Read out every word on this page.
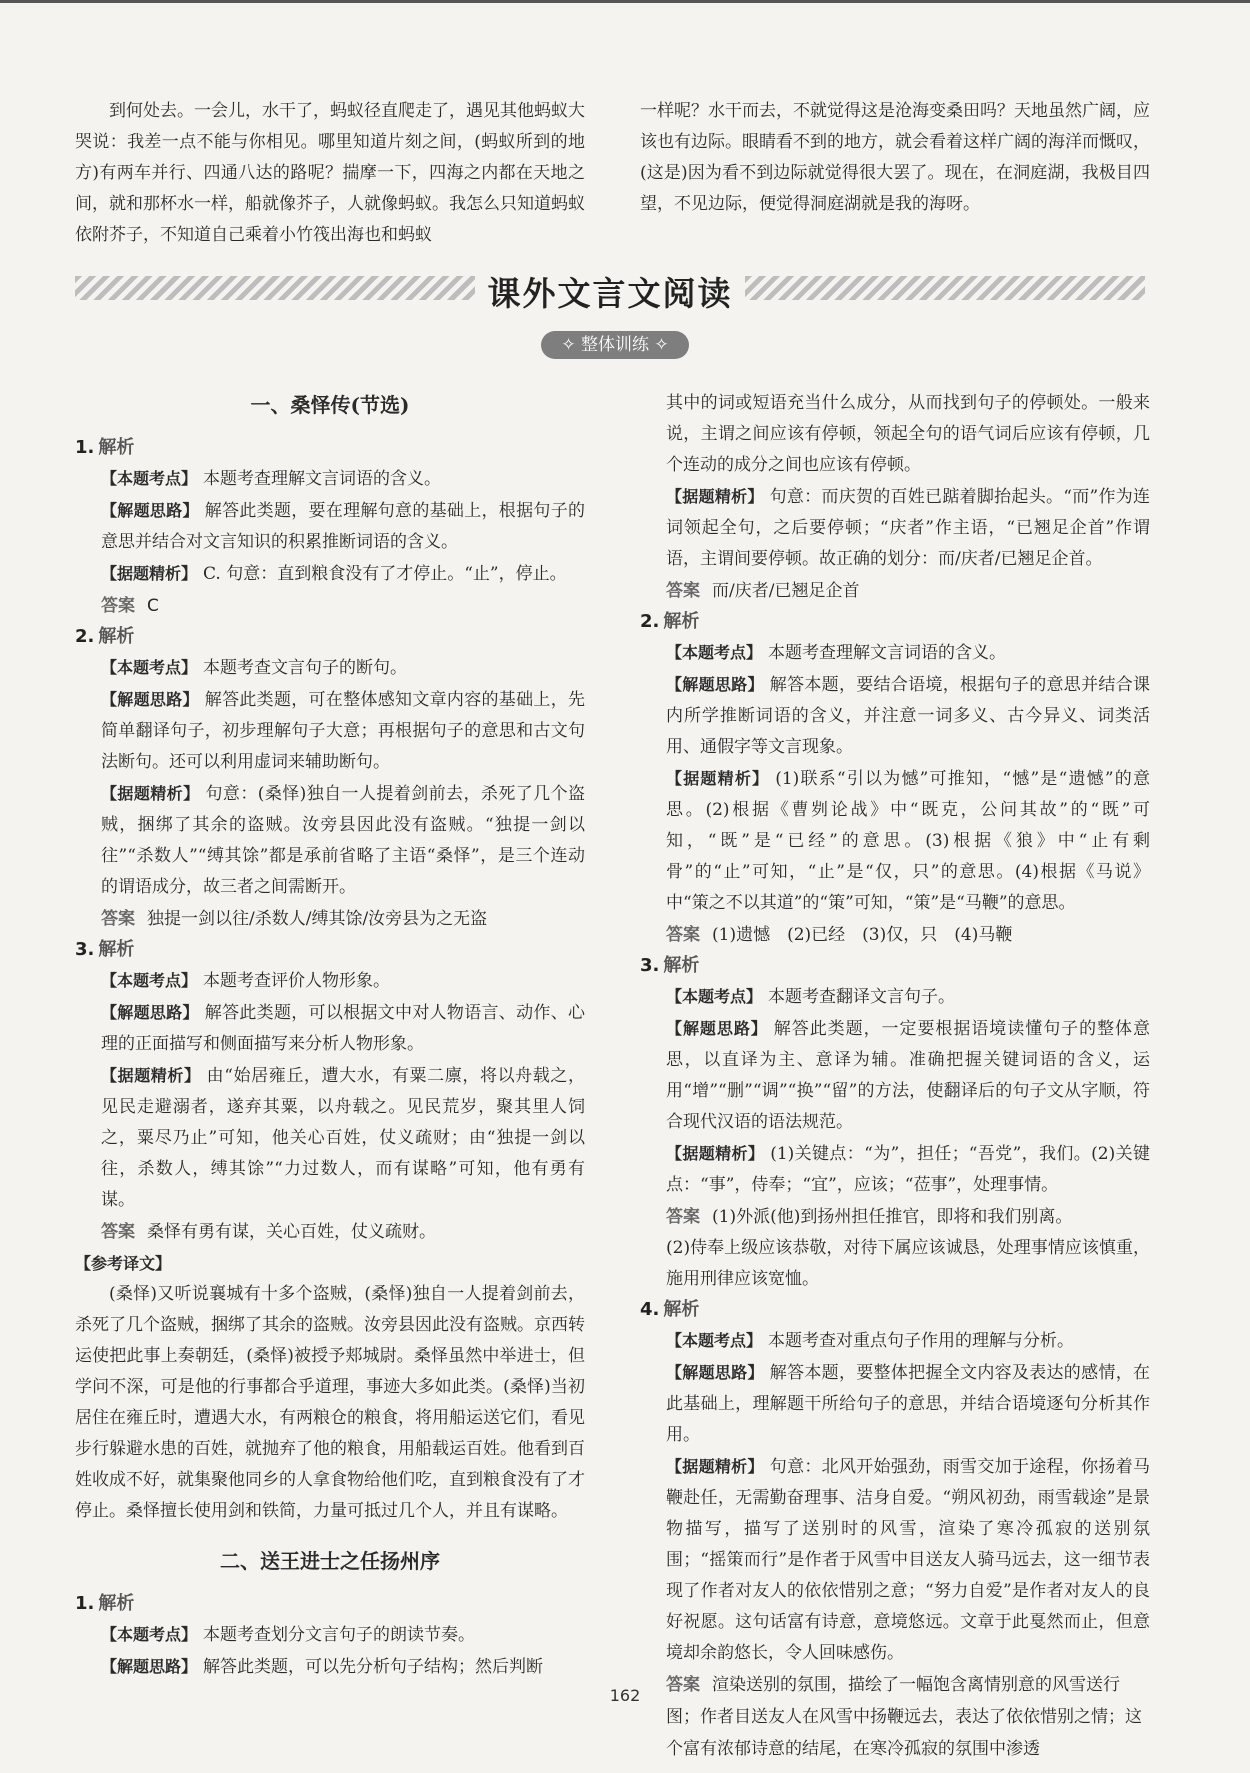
到何处去。一会儿，水干了，蚂蚁径直爬走了，遇见其他蚂蚁大哭说：我差一点不能与你相见。哪里知道片刻之间，(蚂蚁所到的地方)有两车并行、四通八达的路呢？揣摩一下，四海之内都在天地之间，就和那杯水一样，船就像芥子，人就像蚂蚁。我怎么只知道蚂蚁依附芥子，不知道自己乘着小竹筏出海也和蚂蚁
一样呢？水干而去，不就觉得这是沧海变桑田吗？天地虽然广阔，应该也有边际。眼睛看不到的地方，就会看着这样广阔的海洋而慨叹，(这是)因为看不到边际就觉得很大罢了。现在，在洞庭湖，我极目四望，不见边际，便觉得洞庭湖就是我的海呀。
课外文言文阅读
✧ 整体训练 ✧
一、桑怿传(节选)
1. 解析

【本题考点】 本题考查理解文言词语的含义。

【解题思路】 解答此类题，要在理解句意的基础上，根据句子的意思并结合对文言知识的积累推断词语的含义。

【据题精析】 C. 句意：直到粮食没有了才停止。“止”，停止。

答案 C

2. 解析

【本题考点】 本题考查文言句子的断句。

【解题思路】 解答此类题，可在整体感知文章内容的基础上，先简单翻译句子，初步理解句子大意；再根据句子的意思和古文句法断句。还可以利用虚词来辅助断句。

【据题精析】 句意：(桑怿)独自一人提着剑前去，杀死了几个盗贼，捆绑了其余的盗贼。汝旁县因此没有盗贼。“独提一剑以往”“杀数人”“缚其馀”都是承前省略了主语“桑怿”，是三个连动的谓语成分，故三者之间需断开。

答案 独提一剑以往/杀数人/缚其馀/汝旁县为之无盗

3. 解析

【本题考点】 本题考查评价人物形象。

【解题思路】 解答此类题，可以根据文中对人物语言、动作、心理的正面描写和侧面描写来分析人物形象。

【据题精析】 由“始居雍丘，遭大水，有粟二廪，将以舟载之，见民走避溺者，遂弃其粟，以舟载之。见民荒岁，聚其里人饲之，粟尽乃止”可知，他关心百姓，仗义疏财；由“独提一剑以往，杀数人，缚其馀”“力过数人，而有谋略”可知，他有勇有谋。

答案 桑怿有勇有谋，关心百姓，仗义疏财。

【参考译文】

(桑怿)又听说襄城有十多个盗贼，(桑怿)独自一人提着剑前去，杀死了几个盗贼，捆绑了其余的盗贼。汝旁县因此没有盗贼。京西转运使把此事上奏朝廷，(桑怿)被授予郏城尉。桑怿虽然中举进士，但学问不深，可是他的行事都合乎道理，事迹大多如此类。(桑怿)当初居住在雍丘时，遭遇大水，有两粮仓的粮食，将用船运送它们，看见步行躲避水患的百姓，就抛弃了他的粮食，用船载运百姓。他看到百姓收成不好，就集聚他同乡的人拿食物给他们吃，直到粮食没有了才停止。桑怿擅长使用剑和铁简，力量可抵过几个人，并且有谋略。

二、送王进士之任扬州序
1. 解析

【本题考点】 本题考查划分文言句子的朗读节奏。

【解题思路】 解答此类题，可以先分析句子结构；然后判断

其中的词或短语充当什么成分，从而找到句子的停顿处。一般来说，主谓之间应该有停顿，领起全句的语气词后应该有停顿，几个连动的成分之间也应该有停顿。

【据题精析】 句意：而庆贺的百姓已踮着脚抬起头。“而”作为连词领起全句，之后要停顿；“庆者”作主语，“已翘足企首”作谓语，主谓间要停顿。故正确的划分：而/庆者/已翘足企首。

答案 而/庆者/已翘足企首

2. 解析

【本题考点】 本题考查理解文言词语的含义。

【解题思路】 解答本题，要结合语境，根据句子的意思并结合课内所学推断词语的含义，并注意一词多义、古今异义、词类活用、通假字等文言现象。

【据题精析】 (1)联系“引以为憾”可推知，“憾”是“遗憾”的意思。(2)根据《曹刿论战》中“既克，公问其故”的“既”可知，“既”是“已经”的意思。(3)根据《狼》中“止有剩骨”的“止”可知，“止”是“仅，只”的意思。(4)根据《马说》中“策之不以其道”的“策”可知，“策”是“马鞭”的意思。

答案 (1)遗憾　(2)已经　(3)仅，只　(4)马鞭

3. 解析

【本题考点】 本题考查翻译文言句子。

【解题思路】 解答此类题，一定要根据语境读懂句子的整体意思，以直译为主、意译为辅。准确把握关键词语的含义，运用“增”“删”“调”“换”“留”的方法，使翻译后的句子文从字顺，符合现代汉语的语法规范。

【据题精析】 (1)关键点：“为”，担任；“吾党”，我们。(2)关键点：“事”，侍奉；“宜”，应该；“莅事”，处理事情。

答案 (1)外派(他)到扬州担任推官，即将和我们别离。

(2)侍奉上级应该恭敬，对待下属应该诚恳，处理事情应该慎重，施用刑律应该宽恤。

4. 解析

【本题考点】 本题考查对重点句子作用的理解与分析。

【解题思路】 解答本题，要整体把握全文内容及表达的感情，在此基础上，理解题干所给句子的意思，并结合语境逐句分析其作用。

【据题精析】 句意：北风开始强劲，雨雪交加于途程，你扬着马鞭赴任，无需勤奋理事、洁身自爱。“朔风初劲，雨雪载途”是景物描写，描写了送别时的风雪，渲染了寒冷孤寂的送别氛围；“摇策而行”是作者于风雪中目送友人骑马远去，这一细节表现了作者对友人的依依惜别之意；“努力自爱”是作者对友人的良好祝愿。这句话富有诗意，意境悠远。文章于此戛然而止，但意境却余韵悠长，令人回味感伤。

答案 渲染送别的氛围，描绘了一幅饱含离情别意的风雪送行图；作者目送友人在风雪中扬鞭远去，表达了依依惜别之情；这个富有浓郁诗意的结尾，在寒冷孤寂的氛围中渗透

162
